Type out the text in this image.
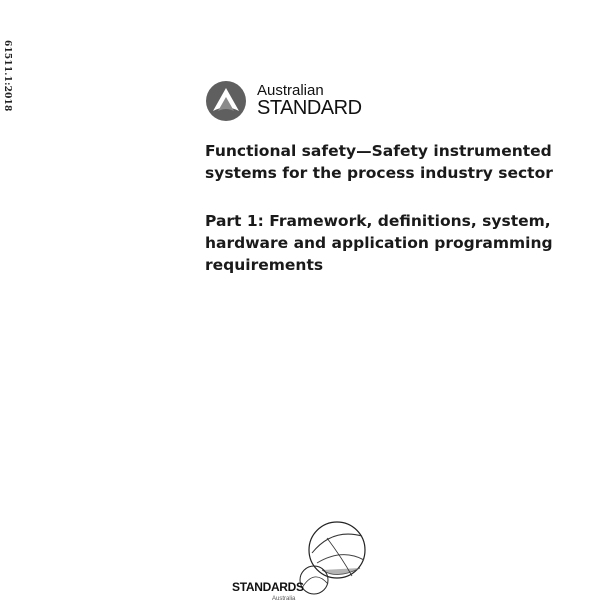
61511.1:2018	Australian
STANDARD
Functional safety—Safety instrumented systems for the process industry sector
Part 1: Framework, definitions, system, hardware and application programming requirements
STANDARDS
Australia
